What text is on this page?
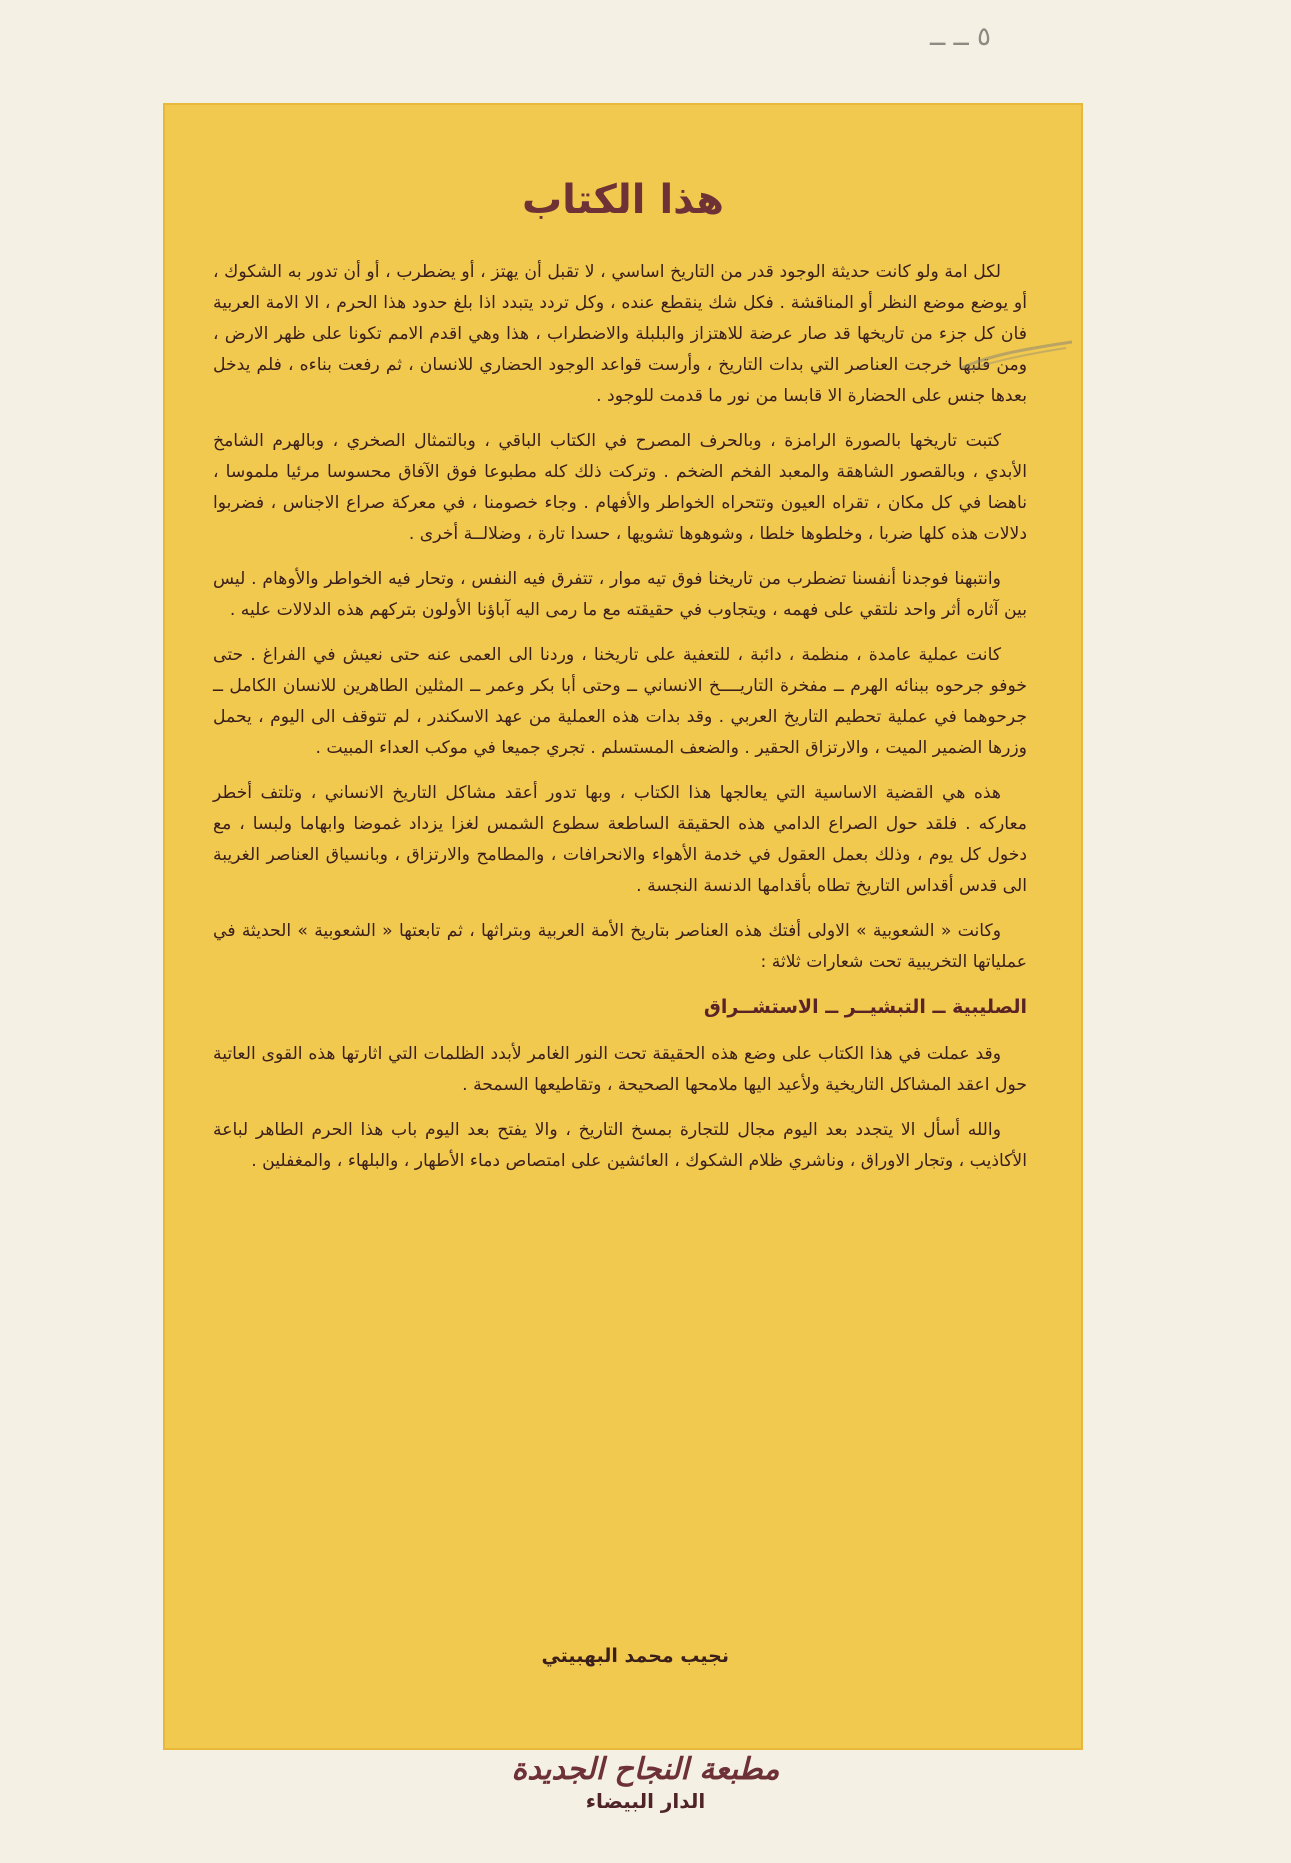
٥ ــ ــ
هذا الكتاب

لكل امة ولو كانت حديثة الوجود قدر من التاريخ اساسي ، لا تقبل أن يهتز ، أو يضطرب ، أو أن تدور به الشكوك ، أو يوضع موضع النظر أو المناقشة . فكل شك ينقطع عنده ، وكل تردد يتبدد اذا بلغ حدود هذا الحرم ، الا الامة العربية فان كل جزء من تاريخها قد صار عرضة للاهتزاز والبلبلة والاضطراب ، هذا وهي اقدم الامم تكونا على ظهر الارض ، ومن قلبها خرجت العناصر التي بدات التاريخ ، وأرست قواعد الوجود الحضاري للانسان ، ثم رفعت بناءه ، فلم يدخل بعدها جنس على الحضارة الا قابسا من نور ما قدمت للوجود .

كتبت تاريخها بالصورة الرامزة ، وبالحرف المصرح في الكتاب الباقي ، وبالتمثال الصخري ، وبالهرم الشامخ الأبدي ، وبالقصور الشاهقة والمعبد الفخم الضخم . وتركت ذلك كله مطبوعا فوق الآفاق محسوسا مرئيا ملموسا ، ناهضا في كل مكان ، تقراه العيون وتتحراه الخواطر والأفهام . وجاء خصومنا ، في معركة صراع الاجناس ، فضربوا دلالات هذه كلها ضربا ، وخلطوها خلطا ، وشوهوها تشويها ، حسدا تارة ، وضلالــة أخرى .

وانتبهنا فوجدنا أنفسنا تضطرب من تاريخنا فوق تيه موار ، تتفرق فيه النفس ، وتحار فيه الخواطر والأوهام . ليس بين آثاره أثر واحد نلتقي على فهمه ، ويتجاوب في حقيقته مع ما رمى اليه آباؤنا الأولون بتركهم هذه الدلالات عليه .

كانت عملية عامدة ، منظمة ، دائبة ، للتعفية على تاريخنا ، وردنا الى العمى عنه حتى نعيش في الفراغ . حتى خوفو جرحوه ببنائه الهرم ــ مفخرة التاريــــخ الانساني ــ وحتى أبا بكر وعمر ــ المثلين الطاهرين للانسان الكامل ــ جرحوهما في عملية تحطيم التاريخ العربي . وقد بدات هذه العملية من عهد الاسكندر ، لم تتوقف الى اليوم ، يحمل وزرها الضمير الميت ، والارتزاق الحقير . والضعف المستسلم . تجري جميعا في موكب العداء المبيت .

هذه هي القضية الاساسية التي يعالجها هذا الكتاب ، وبها تدور أعقد مشاكل التاريخ الانساني ، وتلتف أخطر معاركه . فلقد حول الصراع الدامي هذه الحقيقة الساطعة سطوع الشمس لغزا يزداد غموضا وابهاما ولبسا ، مع دخول كل يوم ، وذلك بعمل العقول في خدمة الأهواء والانحرافات ، والمطامح والارتزاق ، وبانسياق العناصر الغريبة الى قدس أقداس التاريخ تطاه بأقدامها الدنسة النجسة .

وكانت « الشعوبية » الاولى أفتك هذه العناصر بتاريخ الأمة العربية وبتراثها ، ثم تابعتها « الشعوبية » الحديثة في عملياتها التخريبية تحت شعارات ثلاثة :

الصليبية ــ التبشيــر ــ الاستشــراق

وقد عملت في هذا الكتاب على وضع هذه الحقيقة تحت النور الغامر لأبدد الظلمات التي اثارتها هذه القوى العاتية حول اعقد المشاكل التاريخية ولأعيد اليها ملامحها الصحيحة ، وتقاطيعها السمحة .

والله أسأل الا يتجدد بعد اليوم مجال للتجارة بمسخ التاريخ ، والا يفتح بعد اليوم باب هذا الحرم الطاهر لباعة الأكاذيب ، وتجار الاوراق ، وناشري ظلام الشكوك ، العائشين على امتصاص دماء الأطهار ، والبلهاء ، والمغفلين .

نجيب محمد البهبيتي
مطبعة النجاح الجديدة
الدار البيضاء
